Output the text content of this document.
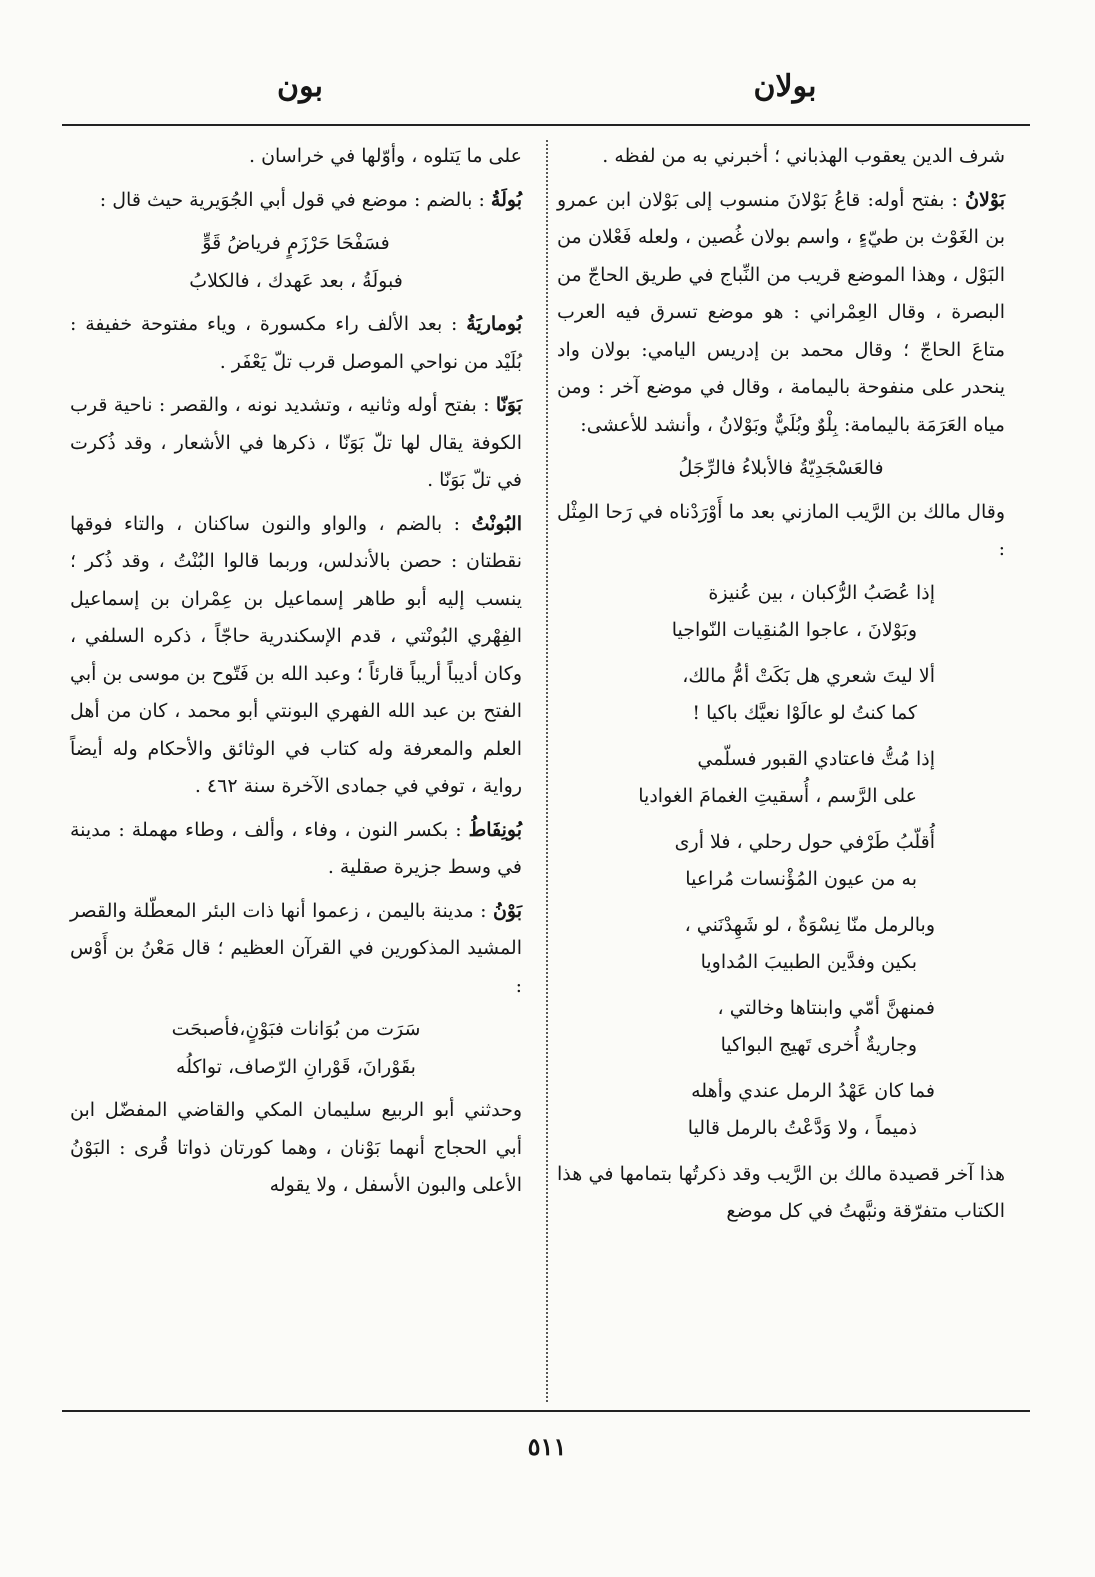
بولان
بون

شرف الدين يعقوب الهذباني ؛ أخبرني به من لفظه .

بَوْلانُ : بفتح أوله: قاعُ بَوْلانَ منسوب إلى بَوْلان ابن عمرو بن الغَوْث بن طيّءٍ ، واسم بولان غُصين ، ولعله فَعْلان من البَوْل ، وهذا الموضع قريب من النِّباج في طريق الحاجّ من البصرة ، وقال العِمْراني : هو موضع تسرق فيه العرب متاعَ الحاجّ ؛ وقال محمد بن إدريس اليامي: بولان واد ينحدر على منفوحة باليمامة ، وقال في موضع آخر : ومن مياه العَرَمَة باليمامة: بِلْوٌ وبُلَيٌّ وبَوْلانُ ، وأنشد للأعشى:

فالعَسْجَدِيّةُ فالأبلاءُ فالرِّجَلُ

وقال مالك بن الرَّيب المازني بعد ما أَوْرَدْناه في رَحا المِثْل :

إذا عُصَبُ الرُّكبان ، بين عُنيزة
وبَوْلانَ ، عاجوا المُنقِيات النّواجيا
ألا ليتَ شعري هل بَكَتْ أمُّ مالك،
كما كنتُ لو عالَوْا نعيَّك باكيا !
إذا مُتُّ فاعتادي القبور فسلّمي
على الرَّسم ، أُسقيتِ الغمامَ الغواديا
أُقلّبُ طَرْفي حول رحلي ، فلا أرى
به من عيون المُؤْنسات مُراعيا
وبالرمل منّا نِسْوَةٌ ، لو شَهِدْنَني ،
بكين وفدَّين الطبيبَ المُداويا
فمنهنَّ أمّي وابنتاها وخالتي ،
وجاريةٌ أُخرى تَهيج البواكيا
فما كان عَهْدُ الرمل عندي وأهله
ذميماً ، ولا وَدَّعْتُ بالرمل قاليا

هذا آخر قصيدة مالك بن الرَّيب وقد ذكرتُها بتمامها في هذا الكتاب متفرّقة ونبَّهتُ في كل موضع

على ما يَتلوه ، وأوّلها في خراسان .

بُولَةُ : بالضم : موضع في قول أبي الجُوَيرية حيث قال :

فسَفْحَا حَرْزَمٍ فرياضُ قَوٍّ
فبولَةُ ، بعد عَهدك ، فالكلابُ

بُوماريَةُ : بعد الألف راء مكسورة ، وياء مفتوحة خفيفة : بُلَيْد من نواحي الموصل قرب تلّ يَعْفَر .

بَوَنّا : بفتح أوله وثانيه ، وتشديد نونه ، والقصر : ناحية قرب الكوفة يقال لها تلّ بَوَنّا ، ذكرها في الأشعار ، وقد ذُكرت في تلّ بَوَنّا .

البُونْتُ : بالضم ، والواو والنون ساكنان ، والتاء فوقها نقطتان : حصن بالأندلس، وربما قالوا البُنْتُ ، وقد ذُكر ؛ ينسب إليه أبو طاهر إسماعيل بن عِمْران بن إسماعيل الفِهْري البُونْتي ، قدم الإسكندرية حاجّاً ، ذكره السلفي ، وكان أديباً أريباً قارئاً ؛ وعبد الله بن فَتّوح بن موسى بن أبي الفتح بن عبد الله الفهري البونتي أبو محمد ، كان من أهل العلم والمعرفة وله كتاب في الوثائق والأحكام وله أيضاً رواية ، توفي في جمادى الآخرة سنة ٤٦٢ .

بُونِفَاطُ : بكسر النون ، وفاء ، وألف ، وطاء مهملة : مدينة في وسط جزيرة صقلية .

بَوْنُ : مدينة باليمن ، زعموا أنها ذات البئر المعطّلة والقصر المشيد المذكورين في القرآن العظيم ؛ قال مَعْنُ بن أَوْس :

سَرَت من بُوَانات فبَوْنٍ،فأصبحَت
بقَوْرانَ، قَوْرانِ الرّصاف، تواكلُه

وحدثني أبو الربيع سليمان المكي والقاضي المفضّل ابن أبي الحجاج أنهما بَوْنان ، وهما كورتان ذواتا قُرى : البَوْنُ الأعلى والبون الأسفل ، ولا يقوله

٥١١
